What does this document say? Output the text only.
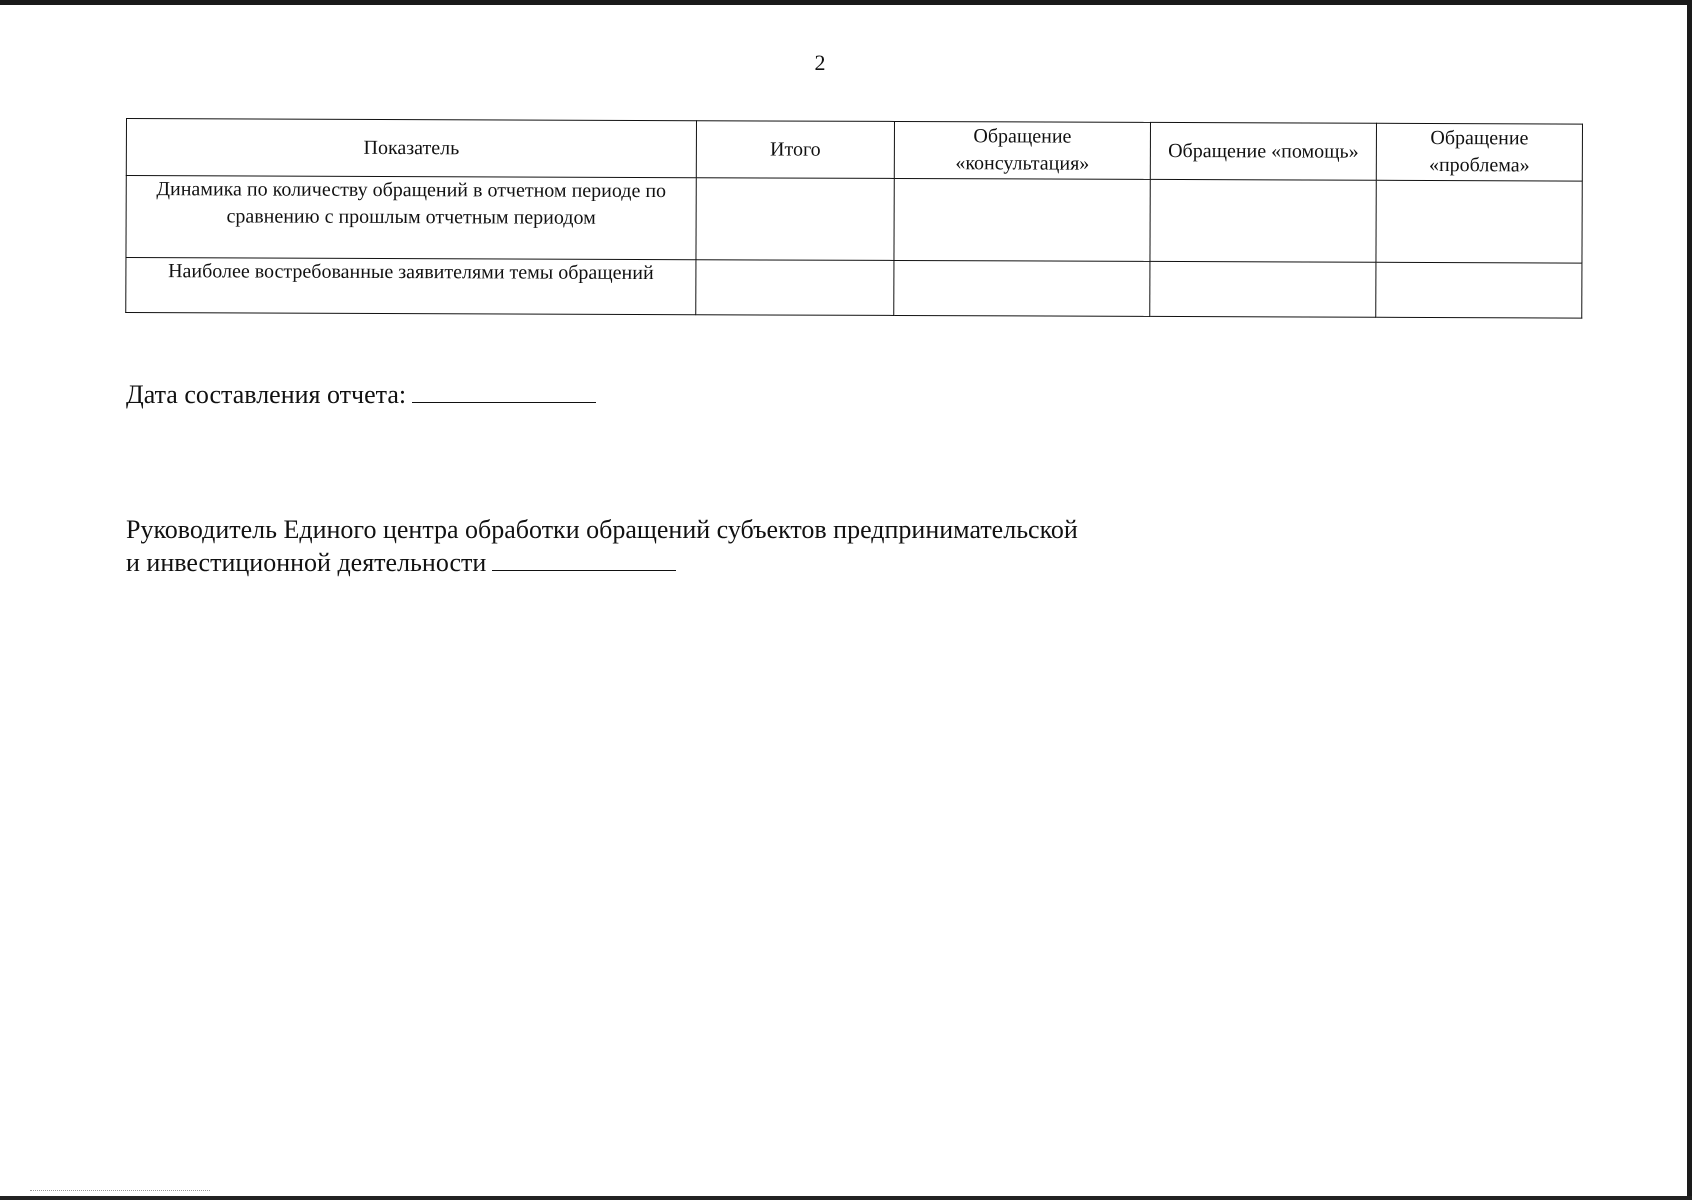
2
Показатель	Итого	Обращение «консультация»	Обращение «помощь»	Обращение «проблема»
Динамика по количеству обращений в отчетном периоде по сравнению с прошлым отчетным периодом				
Наиболее востребованные заявителями темы обращений				
Дата составления отчета:
Руководитель Единого центра обработки обращений субъектов предпринимательской
и инвестиционной деятельности
